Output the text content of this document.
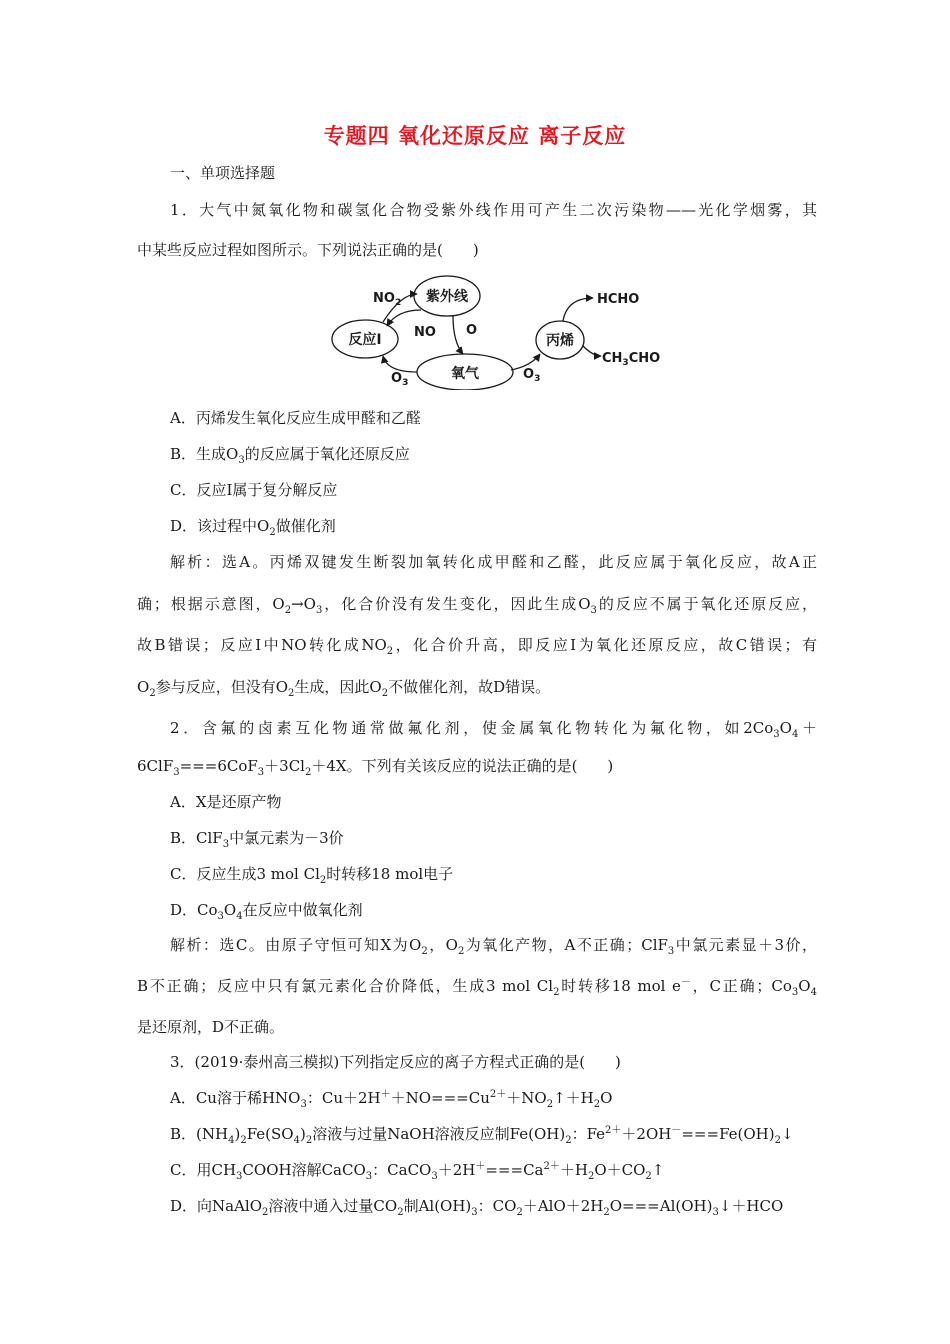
专题四 氧化还原反应 离子反应
一、单项选择题
1．大气中氮氧化物和碳氢化合物受紫外线作用可产生二次污染物——光化学烟雾，其
中某些反应过程如图所示。下列说法正确的是(　　)
紫外线
反应Ⅰ
氧气
丙烯
$NO_2$
NO O
$O_3$
$O_3$
HCHO
$CH_3CHO$
A．丙烯发生氧化反应生成甲醛和乙醛
B．生成$O_3$的反应属于氧化还原反应
C．反应Ⅰ属于复分解反应
D．该过程中$O_2$做催化剂
解析：选A。丙烯双键发生断裂加氧转化成甲醛和乙醛，此反应属于氧化反应，故A正
确；根据示意图，$O_2\to O_3$，化合价没有发生变化，因此生成$O_3$的反应不属于氧化还原反应，
故B错误；反应Ⅰ中NO转化成$NO_2$，化合价升高，即反应Ⅰ为氧化还原反应，故C错误；有
$O_2$参与反应，但没有$O_2$生成，因此$O_2$不做催化剂，故D错误。
2．含氟的卤素互化物通常做氟化剂，使金属氧化物转化为氟化物，如$2Co_3O_4+$
$6ClF_3===6CoF_3+3Cl_2+4X$。下列有关该反应的说法正确的是(　　)
A．X是还原产物
B．ClF$_3$中氯元素为－3价
C．反应生成3 mol $Cl_2$时转移18 mol电子
D．$Co_3O_4$在反应中做氧化剂
解析：选C。由原子守恒可知X为$O_2$，$O_2$为氧化产物，A不正确；ClF$_3$中氯元素显＋3价，
B不正确；反应中只有氯元素化合价降低，生成3 mol $Cl_2$时转移18 mol e－，C正确；$Co_3O_4$
是还原剂，D不正确。
3．(2019·泰州高三模拟)下列指定反应的离子方程式正确的是(　　)
A．Cu溶于稀$HNO_3$：$Cu+2H^++NO===Cu^{2+}+NO_2↑+H_2O$
B．$(NH_4)_2Fe(SO_4)_2$溶液与过量NaOH溶液反应制$Fe(OH)_2$：$Fe^{2+}+2OH^-===Fe(OH)_2↓$
C．用$CH_3COOH$溶解CaCO$_3$：$CaCO_3+2H^+===Ca^{2+}+H_2O+CO_2↑$
D．向NaAlO$_2$溶液中通入过量$CO_2$制$Al(OH)_3$：$CO_2+AlO+2H_2O===Al(OH)_3↓+HCO$
